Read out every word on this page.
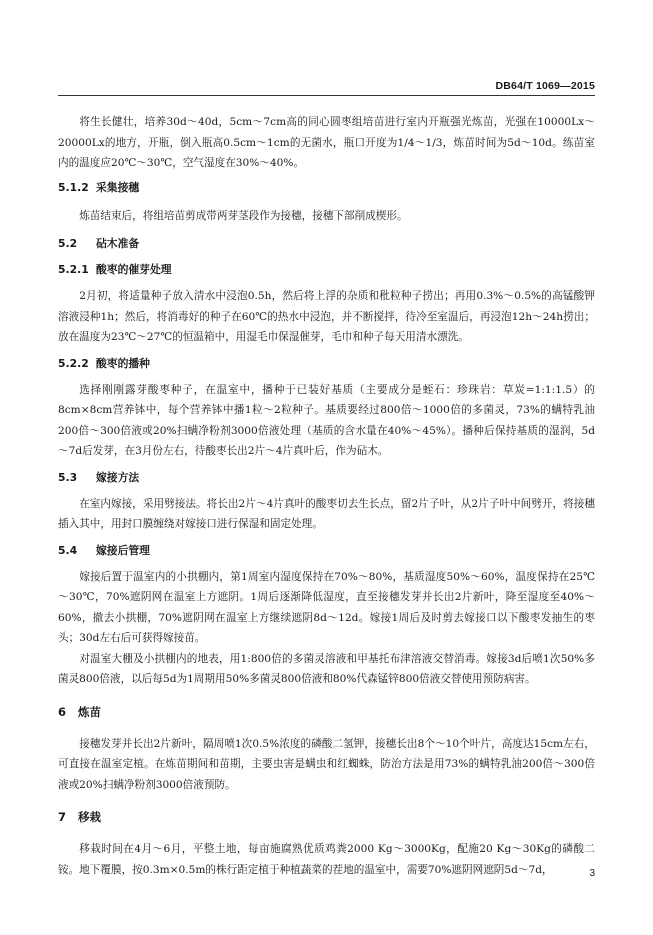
DB64/T 1069—2015

将生长健壮，培养30d～40d，5cm～7cm高的同心圆枣组培苗进行室内开瓶强光炼苗，光强在10000Lx～20000Lx的地方，开瓶，倒入瓶高0.5cm～1cm的无菌水，瓶口开度为1/4～1/3，炼苗时间为5d～10d。练苗室内的温度应20℃～30℃，空气湿度在30%～40%。

5.1.2 采集接穗

炼苗结束后，将组培苗剪成带两芽茎段作为接穗，接穗下部削成楔形。

5.2 砧木准备
5.2.1 酸枣的催芽处理

2月初，将适量种子放入清水中浸泡0.5h，然后将上浮的杂质和秕粒种子捞出；再用0.3%～0.5%的高锰酸钾溶液浸种1h；然后，将消毒好的种子在60℃的热水中浸泡，并不断搅拌，待冷至室温后，再浸泡12h～24h捞出；放在温度为23℃～27℃的恒温箱中，用湿毛巾保湿催芽，毛巾和种子每天用清水漂洗。

5.2.2 酸枣的播种

选择刚刚露芽酸枣种子，在温室中，播种于已装好基质（主要成分是蛭石：珍珠岩：草炭=1:1:1.5）的8cm×8cm营养钵中，每个营养钵中播1粒～2粒种子。基质要经过800倍～1000倍的多菌灵，73%的螨特乳油200倍～300倍液或20%扫螨净粉剂3000倍液处理（基质的含水量在40%～45%）。播种后保持基质的湿润，5d～7d后发芽，在3月份左右，待酸枣长出2片～4片真叶后，作为砧木。

5.3 嫁接方法

在室内嫁接，采用劈接法。将长出2片～4片真叶的酸枣切去生长点，留2片子叶，从2片子叶中间劈开，将接穗插入其中，用封口膜缠绕对嫁接口进行保湿和固定处理。

5.4 嫁接后管理

嫁接后置于温室内的小拱棚内，第1周室内湿度保持在70%～80%，基质湿度50%～60%，温度保持在25℃～30℃，70%遮阴网在温室上方遮阴。1周后逐渐降低湿度，直至接穗发芽并长出2片新叶，降至湿度至40%～60%，撤去小拱棚，70%遮阴网在温室上方继续遮阴8d～12d。嫁接1周后及时剪去嫁接口以下酸枣发抽生的枣头；30d左右后可获得嫁接苗。

对温室大棚及小拱棚内的地表，用1:800倍的多菌灵溶液和甲基托布津溶液交替消毒。嫁接3d后喷1次50%多菌灵800倍液，以后每5d为1周期用50%多菌灵800倍液和80%代森锰锌800倍液交替使用预防病害。

6 炼苗

接穗发芽并长出2片新叶，隔周喷1次0.5%浓度的磷酸二氢钾，接穗长出8个～10个叶片，高度达15cm左右，可直接在温室定植。在炼苗期间和苗期，主要虫害是螨虫和红蜘蛛，防治方法是用73%的螨特乳油200倍～300倍液或20%扫螨净粉剂3000倍液预防。

7 移栽

移栽时间在4月～6月，平整土地，每亩施腐熟优质鸡粪2000 Kg～3000Kg，配施20 Kg～30Kg的磷酸二铵。地下覆膜，按0.3m×0.5m的株行距定植于种植蔬菜的茬地的温室中，需要70%遮阴网遮阴5d～7d，	3
